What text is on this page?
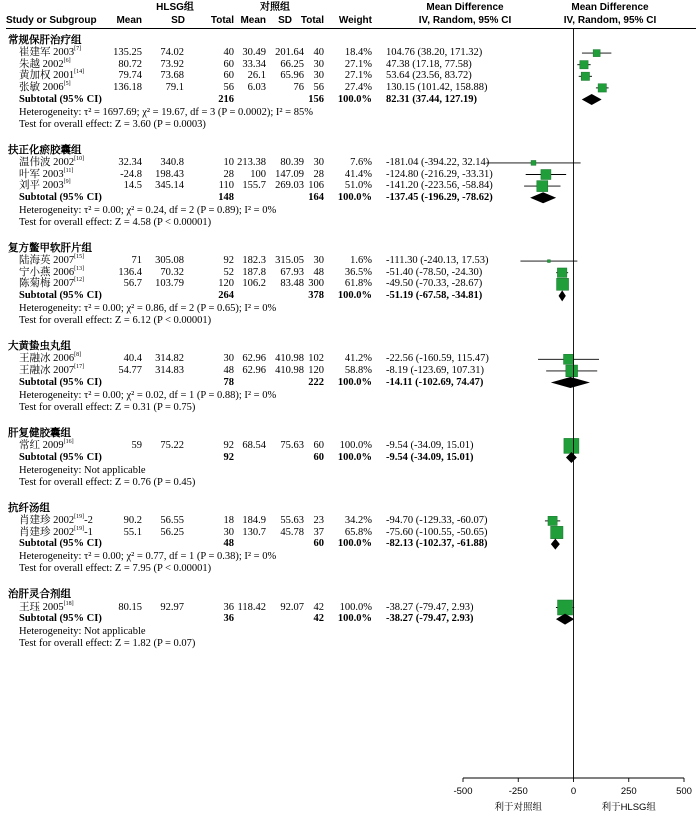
Study or Subgroup
HLSG组	对照组
Mean	SD	Total Mean	SD Total	Weight
Mean Difference
IV, Random, 95% CI
Mean Difference
IV, Random, 95% CI
-500	-250	0	250	500
利于对照组	利于HLSG组
常规保肝治疗组
崔建军 2003[7]	135.25	74.02	40 30.49 201.64 40	18.4% 104.76 (38.20, 171.32)
朱越 2002[6]	80.72	73.92	60 33.34	66.25 30	27.1% 47.38 (17.18, 77.58)
黄加权 2001[14]	79.74	73.68	60	26.1	65.96 30	27.1% 53.64 (23.56, 83.72)
张敏 2006[5]	136.18	79.1	56	6.03	76 56	27.4% 130.15 (101.42, 158.88)
Subtotal (95% CI)	216	156	100.0% 82.31 (37.44, 127.19)
Heterogeneity: τ² = 1697.69; χ² = 19.67, df = 3 (P = 0.0002); I² = 85%
Test for overall effect: Z = 3.60 (P = 0.0003)
扶正化瘀胶囊组
温伟波 2002[10]	32.34	340.8	10 213.38	80.39 30	7.6% -181.04 (-394.22, 32.14)
叶军 2003[11]	-24.8	198.43	28	100 147.09 28	41.4% -124.80 (-216.29, -33.31)
刘平 2003[9]	14.5	345.14	110 155.7 269.03 106	51.0% -141.20 (-223.56, -58.84)
Subtotal (95% CI)	148	164	100.0% -137.45 (-196.29, -78.62)
Heterogeneity: τ² = 0.00; χ² = 0.24, df = 2 (P = 0.89); I² = 0%
Test for overall effect: Z = 4.58 (P < 0.00001)
复方鳖甲软肝片组
陆海英 2007[15]	71	305.08	92 182.3 315.05 30	1.6% -111.30 (-240.13, 17.53)
宁小燕 2006[13]	136.4	70.32	52 187.8	67.93 48	36.5% -51.40 (-78.50, -24.30)
陈菊梅 2007[12]	56.7	103.79	120 106.2	83.48 300	61.8% -49.50 (-70.33, -28.67)
Subtotal (95% CI)	264	378	100.0% -51.19 (-67.58, -34.81)
Heterogeneity: τ² = 0.00; χ² = 0.86, df = 2 (P = 0.65); I² = 0%
Test for overall effect: Z = 6.12 (P < 0.00001)
大黄蛰虫丸组
王融冰 2006[8]	40.4	314.82	30 62.96 410.98 102	41.2% -22.56 (-160.59, 115.47)
王融冰 2007[17]	54.77	314.83	48 62.96 410.98 120	58.8% -8.19 (-123.69, 107.31)
Subtotal (95% CI)	78	222	100.0% -14.11 (-102.69, 74.47)
Heterogeneity: τ² = 0.00; χ² = 0.02, df = 1 (P = 0.88); I² = 0%
Test for overall effect: Z = 0.31 (P = 0.75)
肝复健胶囊组
常红 2009[16]	59	75.22	92 68.54	75.63 60	100.0% -9.54 (-34.09, 15.01)
Subtotal (95% CI)	92	60	100.0% -9.54 (-34.09, 15.01)
Heterogeneity: Not applicable
Test for overall effect: Z = 0.76 (P = 0.45)
抗纤汤组
肖建珍 2002[19]-2	90.2	56.55	18 184.9	55.63 23	34.2% -94.70 (-129.33, -60.07)
肖建珍 2002[19]-1	55.1	56.25	30 130.7	45.78 37	65.8% -75.60 (-100.55, -50.65)
Subtotal (95% CI)	48	60	100.0% -82.13 (-102.37, -61.88)
Heterogeneity: τ² = 0.00; χ² = 0.77, df = 1 (P = 0.38); I² = 0%
Test for overall effect: Z = 7.95 (P < 0.00001)
治肝灵合剂组
王珏 2005[18]	80.15	92.97	36 118.42	92.07 42	100.0% -38.27 (-79.47, 2.93)
Subtotal (95% CI)	36	42	100.0% -38.27 (-79.47, 2.93)
Heterogeneity: Not applicable
Test for overall effect: Z = 1.82 (P = 0.07)
